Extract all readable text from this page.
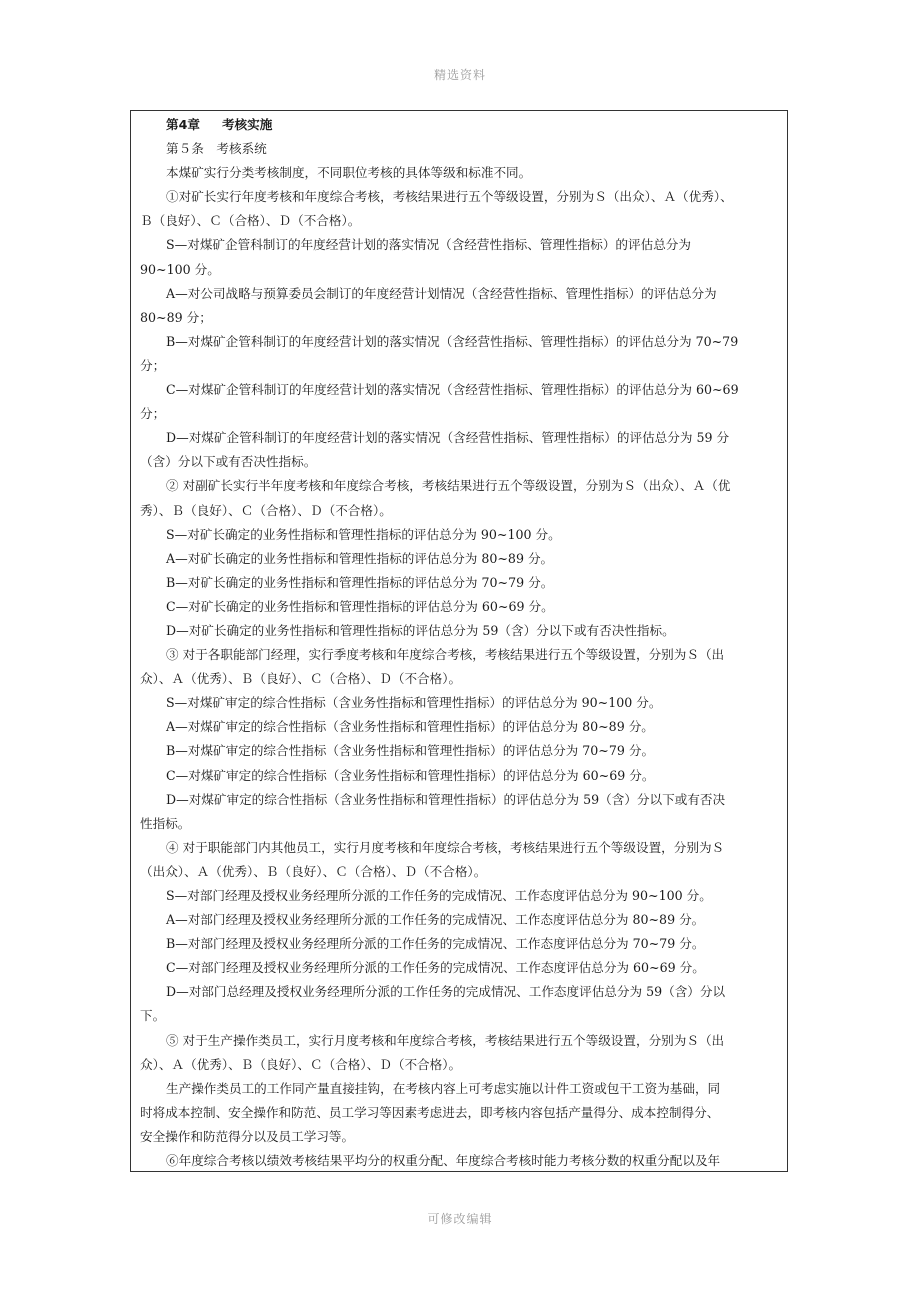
精选资料
第4章 考核实施
第５条　考核系统
本煤矿实行分类考核制度，不同职位考核的具体等级和标准不同。
①对矿长实行年度考核和年度综合考核，考核结果进行五个等级设置，分别为Ｓ（出众）、Ａ（优秀）、
Ｂ（良好）、Ｃ（合格）、Ｄ（不合格）。
S—对煤矿企管科制订的年度经营计划的落实情况（含经营性指标、管理性指标）的评估总分为
90~100 分。
A—对公司战略与预算委员会制订的年度经营计划情况（含经营性指标、管理性指标）的评估总分为
80~89 分；
B—对煤矿企管科制订的年度经营计划的落实情况（含经营性指标、管理性指标）的评估总分为 70~79
分；
C—对煤矿企管科制订的年度经营计划的落实情况（含经营性指标、管理性指标）的评估总分为 60~69
分；
D—对煤矿企管科制订的年度经营计划的落实情况（含经营性指标、管理性指标）的评估总分为 59 分
（含）分以下或有否决性指标。
② 对副矿长实行半年度考核和年度综合考核，考核结果进行五个等级设置，分别为Ｓ（出众）、Ａ（优
秀）、Ｂ（良好）、Ｃ（合格）、Ｄ（不合格）。
S—对矿长确定的业务性指标和管理性指标的评估总分为 90~100 分。
A—对矿长确定的业务性指标和管理性指标的评估总分为 80~89 分。
B—对矿长确定的业务性指标和管理性指标的评估总分为 70~79 分。
C—对矿长确定的业务性指标和管理性指标的评估总分为 60~69 分。
D—对矿长确定的业务性指标和管理性指标的评估总分为 59（含）分以下或有否决性指标。
③ 对于各职能部门经理，实行季度考核和年度综合考核，考核结果进行五个等级设置，分别为Ｓ（出
众）、Ａ（优秀）、Ｂ（良好）、Ｃ（合格）、Ｄ（不合格）。
S—对煤矿审定的综合性指标（含业务性指标和管理性指标）的评估总分为 90~100 分。
A—对煤矿审定的综合性指标（含业务性指标和管理性指标）的评估总分为 80~89 分。
B—对煤矿审定的综合性指标（含业务性指标和管理性指标）的评估总分为 70~79 分。
C—对煤矿审定的综合性指标（含业务性指标和管理性指标）的评估总分为 60~69 分。
D—对煤矿审定的综合性指标（含业务性指标和管理性指标）的评估总分为 59（含）分以下或有否决
性指标。
④ 对于职能部门内其他员工，实行月度考核和年度综合考核，考核结果进行五个等级设置，分别为Ｓ
（出众）、Ａ（优秀）、Ｂ（良好）、Ｃ（合格）、Ｄ（不合格）。
S—对部门经理及授权业务经理所分派的工作任务的完成情况、工作态度评估总分为 90~100 分。
A—对部门经理及授权业务经理所分派的工作任务的完成情况、工作态度评估总分为 80~89 分。
B—对部门经理及授权业务经理所分派的工作任务的完成情况、工作态度评估总分为 70~79 分。
C—对部门经理及授权业务经理所分派的工作任务的完成情况、工作态度评估总分为 60~69 分。
D—对部门总经理及授权业务经理所分派的工作任务的完成情况、工作态度评估总分为 59（含）分以
下。
⑤ 对于生产操作类员工，实行月度考核和年度综合考核，考核结果进行五个等级设置，分别为Ｓ（出
众）、Ａ（优秀）、Ｂ（良好）、Ｃ（合格）、Ｄ（不合格）。
生产操作类员工的工作同产量直接挂钩，在考核内容上可考虑实施以计件工资或包干工资为基础，同
时将成本控制、安全操作和防范、员工学习等因素考虑进去，即考核内容包括产量得分、成本控制得分、
安全操作和防范得分以及员工学习等。
⑥年度综合考核以绩效考核结果平均分的权重分配、年度综合考核时能力考核分数的权重分配以及年
可修改编辑
